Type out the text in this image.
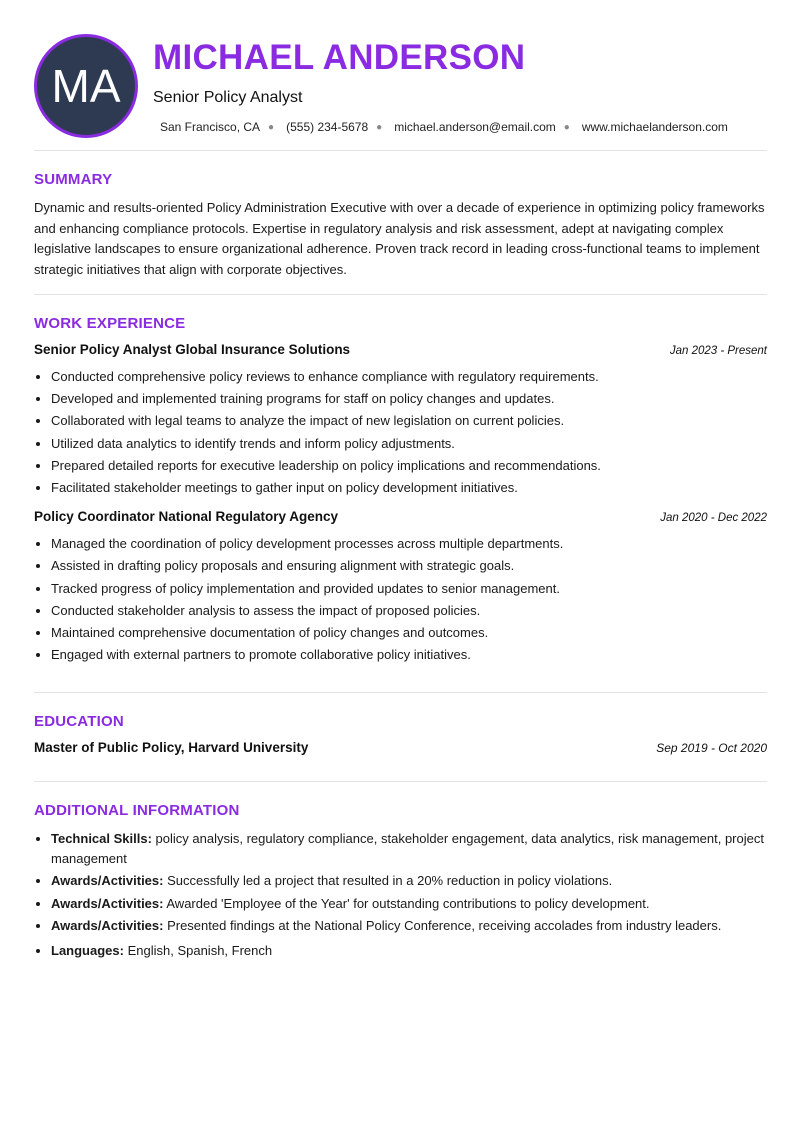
MA
MICHAEL ANDERSON
Senior Policy Analyst
San Francisco, CA ● (555) 234-5678 ● michael.anderson@email.com ● www.michaelanderson.com
SUMMARY

Dynamic and results-oriented Policy Administration Executive with over a decade of experience in optimizing policy frameworks and enhancing compliance protocols. Expertise in regulatory analysis and risk assessment, adept at navigating complex legislative landscapes to ensure organizational adherence. Proven track record in leading cross-functional teams to implement strategic initiatives that align with corporate objectives.

WORK EXPERIENCE
Senior Policy Analyst Global Insurance Solutions	Jan 2023 - Present
• Conducted comprehensive policy reviews to enhance compliance with regulatory requirements.
• Developed and implemented training programs for staff on policy changes and updates.
• Collaborated with legal teams to analyze the impact of new legislation on current policies.
• Utilized data analytics to identify trends and inform policy adjustments.
• Prepared detailed reports for executive leadership on policy implications and recommendations.
• Facilitated stakeholder meetings to gather input on policy development initiatives.
Policy Coordinator National Regulatory Agency	Jan 2020 - Dec 2022
• Managed the coordination of policy development processes across multiple departments.
• Assisted in drafting policy proposals and ensuring alignment with strategic goals.
• Tracked progress of policy implementation and provided updates to senior management.
• Conducted stakeholder analysis to assess the impact of proposed policies.
• Maintained comprehensive documentation of policy changes and outcomes.
• Engaged with external partners to promote collaborative policy initiatives.
EDUCATION
Master of Public Policy, Harvard University	Sep 2019 - Oct 2020
ADDITIONAL INFORMATION
• Technical Skills: policy analysis, regulatory compliance, stakeholder engagement, data analytics, risk management, project management
• Awards/Activities: Successfully led a project that resulted in a 20% reduction in policy violations.
• Awards/Activities: Awarded 'Employee of the Year' for outstanding contributions to policy development.
• Awards/Activities: Presented findings at the National Policy Conference, receiving accolades from industry leaders.
• Languages: English, Spanish, French
